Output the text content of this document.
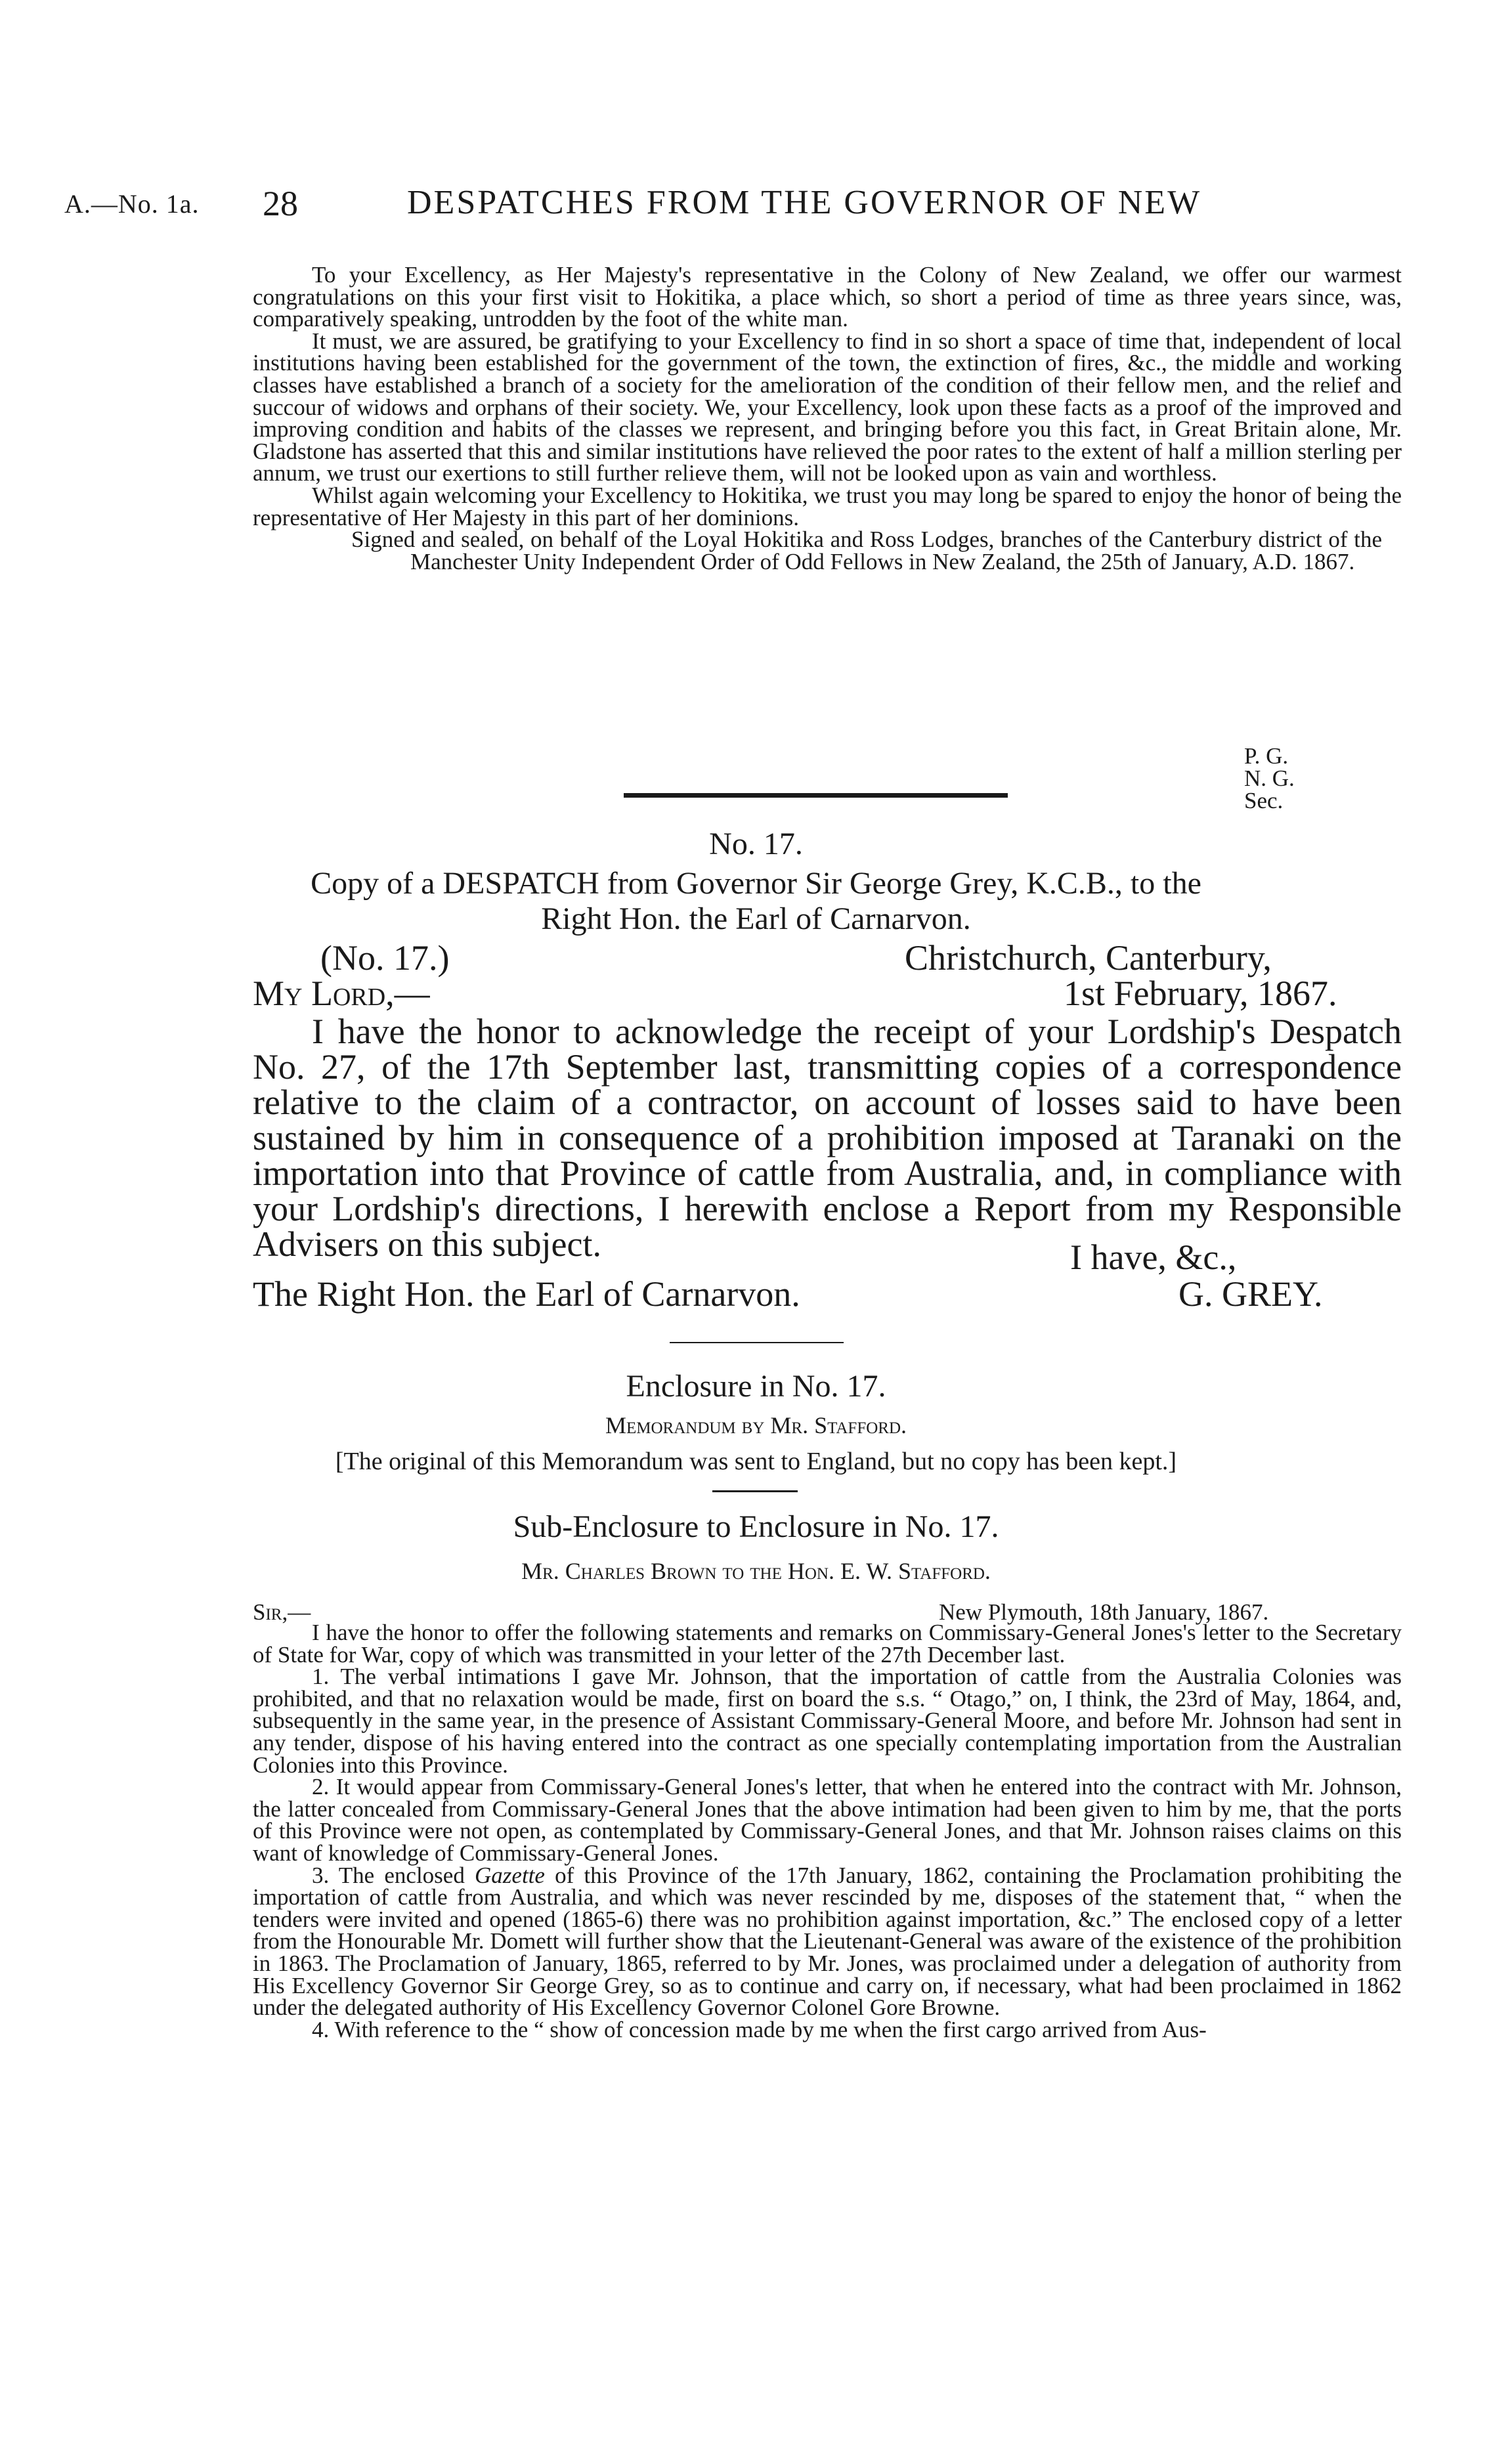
A.—No. 1a. 28	DESPATCHES FROM THE GOVERNOR OF NEW

To your Excellency, as Her Majesty's representative in the Colony of New Zealand, we offer our warmest congratulations on this your first visit to Hokitika, a place which, so short a period of time as three years since, was, comparatively speaking, untrodden by the foot of the white man.

It must, we are assured, be gratifying to your Excellency to find in so short a space of time that, independent of local institutions having been established for the government of the town, the extinction of fires, &c., the middle and working classes have established a branch of a society for the amelioration of the condition of their fellow men, and the relief and succour of widows and orphans of their society. We, your Excellency, look upon these facts as a proof of the improved and improving condition and habits of the classes we represent, and bringing before you this fact, in Great Britain alone, Mr. Gladstone has asserted that this and similar institutions have relieved the poor rates to the extent of half a million sterling per annum, we trust our exertions to still further relieve them, will not be looked upon as vain and worthless.

Whilst again welcoming your Excellency to Hokitika, we trust you may long be spared to enjoy the honor of being the representative of Her Majesty in this part of her dominions.

Signed and sealed, on behalf of the Loyal Hokitika and Ross Lodges, branches of the Canterbury district of the Manchester Unity Independent Order of Odd Fellows in New Zealand, the 25th of January, A.D. 1867.

P. G.
N. G.
Sec.
No. 17.
Copy of a DESPATCH from Governor Sir George Grey, K.C.B., to the
Right Hon. the Earl of Carnarvon.
(No. 17.)	Christchurch, Canterbury,
My Lord,—	1st February, 1867.

I have the honor to acknowledge the receipt of your Lordship's Despatch No. 27, of the 17th September last, transmitting copies of a correspondence relative to the claim of a contractor, on account of losses said to have been sustained by him in consequence of a prohibition imposed at Taranaki on the importation into that Province of cattle from Australia, and, in compliance with your Lordship's directions, I herewith enclose a Report from my Responsible Advisers on this subject.	I have, &c.,
The Right Hon. the Earl of Carnarvon.	G. GREY.
Enclosure in No. 17.
Memorandum by Mr. Stafford.
[The original of this Memorandum was sent to England, but no copy has been kept.]
Sub-Enclosure to Enclosure in No. 17.
Mr. Charles Brown to the Hon. E. W. Stafford.
Sir,—	New Plymouth, 18th January, 1867.

I have the honor to offer the following statements and remarks on Commissary-General Jones's letter to the Secretary of State for War, copy of which was transmitted in your letter of the 27th December last.

1. The verbal intimations I gave Mr. Johnson, that the importation of cattle from the Australia Colonies was prohibited, and that no relaxation would be made, first on board the s.s. “ Otago,” on, I think, the 23rd of May, 1864, and, subsequently in the same year, in the presence of Assistant Commissary-General Moore, and before Mr. Johnson had sent in any tender, dispose of his having entered into the contract as one specially contemplating importation from the Australian Colonies into this Province.

2. It would appear from Commissary-General Jones's letter, that when he entered into the contract with Mr. Johnson, the latter concealed from Commissary-General Jones that the above intimation had been given to him by me, that the ports of this Province were not open, as contemplated by Commissary-General Jones, and that Mr. Johnson raises claims on this want of knowledge of Commissary-General Jones.

3. The enclosed Gazette of this Province of the 17th January, 1862, containing the Proclamation prohibiting the importation of cattle from Australia, and which was never rescinded by me, disposes of the statement that, “ when the tenders were invited and opened (1865-6) there was no prohibition against importation, &c.” The enclosed copy of a letter from the Honourable Mr. Domett will further show that the Lieutenant-General was aware of the existence of the prohibition in 1863. The Proclamation of January, 1865, referred to by Mr. Jones, was proclaimed under a delegation of authority from His Excellency Governor Sir George Grey, so as to continue and carry on, if necessary, what had been proclaimed in 1862 under the delegated authority of His Excellency Governor Colonel Gore Browne.

4. With reference to the “ show of concession made by me when the first cargo arrived from Aus-
